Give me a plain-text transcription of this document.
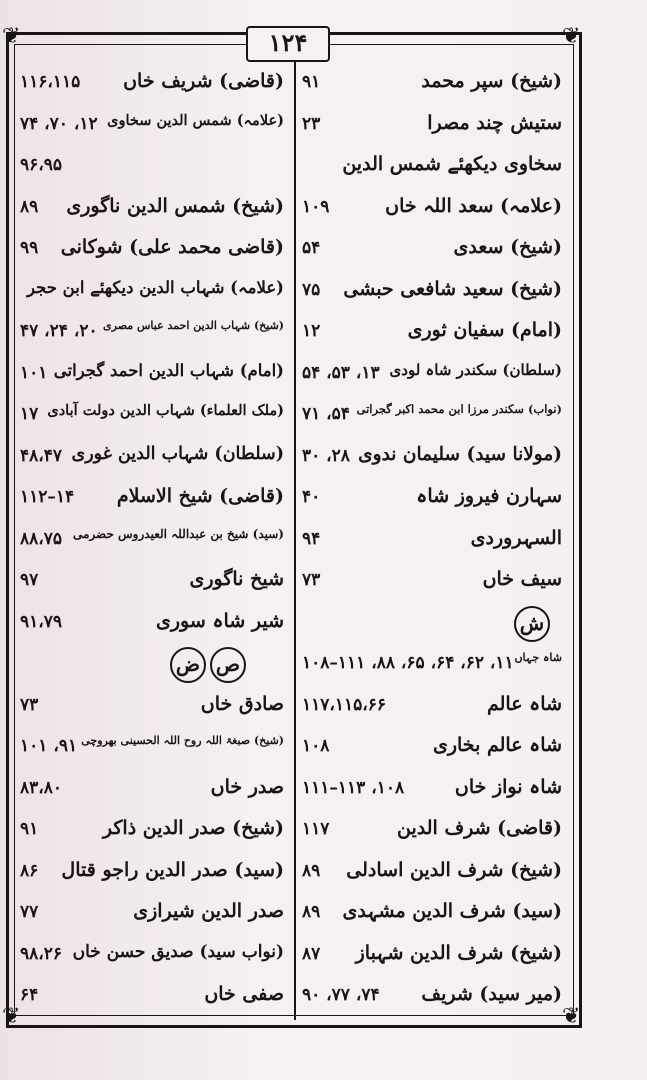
❦	❦
❦	❦
۱۲۴
(قاضی) شریف خاں
۱۱۶،۱۱۵
(علامہ) شمس الدین سخاوی
۱۲، ۷۰، ۷۴
۹۶،۹۵
(شیخ) شمس الدین ناگوری
۸۹
(قاضی محمد علی) شوکانی
۹۹
(علامہ) شہاب الدین دیکھئے ابن حجر
(شیخ) شہاب الدین احمد عباس مصری
۲۰، ۲۴، ۴۷
(امام) شہاب الدین احمد گجراتی
۱۰۱
(ملک العلماء) شہاب الدین دولت آبادی
۱۷
(سلطان) شہاب الدین غوری
۴۸،۴۷
(قاضی) شیخ الاسلام
۱۴–۱۱۲
(سید) شیخ بن عبداللہ العیدروس حضرمی
۸۸،۷۵
شیخ ناگوری
۹۷
شیر شاہ سوری
۹۱،۷۹
ض ص
صادق خاں
۷۳
(شیخ) صبغۃ اللہ روح اللہ الحسینی بھروچی
۹۱، ۱۰۱
صدر خاں
۸۳،۸۰
(شیخ) صدر الدین ذاکر
۹۱
(سید) صدر الدین راجو قتال
۸۶
صدر الدین شیرازی
۷۷
(نواب سید) صدیق حسن خاں
۹۸،۲۶
صفی خاں
۶۴
(شیخ) سپر محمد
۹۱
ستیش چند مصرا
۲۳
سخاوی دیکھئے شمس الدین
(علامہ) سعد اللہ خاں
۱۰۹
(شیخ) سعدی
۵۴
(شیخ) سعید شافعی حبشی
۷۵
(امام) سفیان ثوری
۱۲
(سلطان) سکندر شاہ لودی
۱۳، ۵۳، ۵۴
(نواب) سکندر مرزا ابن محمد اکبر گجراتی
۵۴، ۷۱
(مولانا سید) سلیمان ندوی
۲۸، ۳۰
سہارن فیروز شاہ
۴۰
السہروردی
۹۴
سیف خاں
۷۳
ش
شاہ جہاں
۱۱، ۶۲، ۶۴، ۶۵، ۸۸، ۱۱۱–۱۰۸
شاہ عالم
۱۱۷،۱۱۵،۶۶
شاہ عالم بخاری
۱۰۸
شاہ نواز خاں
۱۰۸، ۱۱۳–۱۱۱
(قاضی) شرف الدین
۱۱۷
(شیخ) شرف الدین اسادلی
۸۹
(سید) شرف الدین مشہدی
۸۹
(شیخ) شرف الدین شہباز
۸۷
(میر سید) شریف
۷۴، ۷۷، ۹۰
